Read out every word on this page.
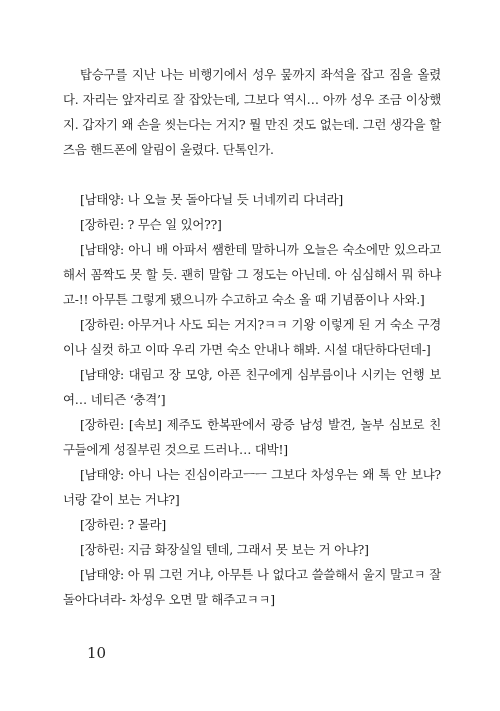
탑승구를 지난 나는 비행기에서 성우 뭎까지 좌석을 잡고 짐을 올렸다. 자리는 앞자리로 잘 잡았는데, 그보다 역시… 아까 성우 조금 이상했지. 갑자기 왜 손을 씻는다는 거지? 뭘 만진 것도 없는데. 그런 생각을 할 즈음 핸드폰에 알림이 울렸다. 단톡인가.

[남태양: 나 오늘 못 돌아다닐 듯 너네끼리 다녀라]

[장하린: ? 무슨 일 있어??]

[남태양: 아니 배 아파서 쌤한테 말하니까 오늘은 숙소에만 있으라고 해서 꼼짝도 못 할 듯. 괜히 말함 그 정도는 아닌데. 아 심심해서 뭐 하냐고-!! 아무튼 그렇게 됐으니까 수고하고 숙소 올 때 기념품이나 사와.]

[장하린: 아무거나 사도 되는 거지?ㅋㅋ 기왕 이렇게 된 거 숙소 구경이나 실컷 하고 이따 우리 가면 숙소 안내나 해봐. 시설 대단하다던데-]

[남태양: 대림고 장 모양, 아픈 친구에게 심부름이나 시키는 언행 보여… 네티즌 ‘충격’]

[장하린: [속보] 제주도 한복판에서 광증 남성 발견, 놀부 심보로 친구들에게 성질부린 것으로 드러나… 대박!]

[남태양: 아니 나는 진심이라고ㅡㅡ 그보다 차성우는 왜 톡 안 보냐? 너랑 같이 보는 거냐?]

[장하린: ? 몰라]

[장하린: 지금 화장실일 텐데, 그래서 못 보는 거 아냐?]

[남태양: 아 뭐 그런 거냐, 아무튼 나 없다고 쓸쓸해서 울지 말고ㅋ 잘 돌아다녀라- 차성우 오면 말 해주고ㅋㅋ]

10
